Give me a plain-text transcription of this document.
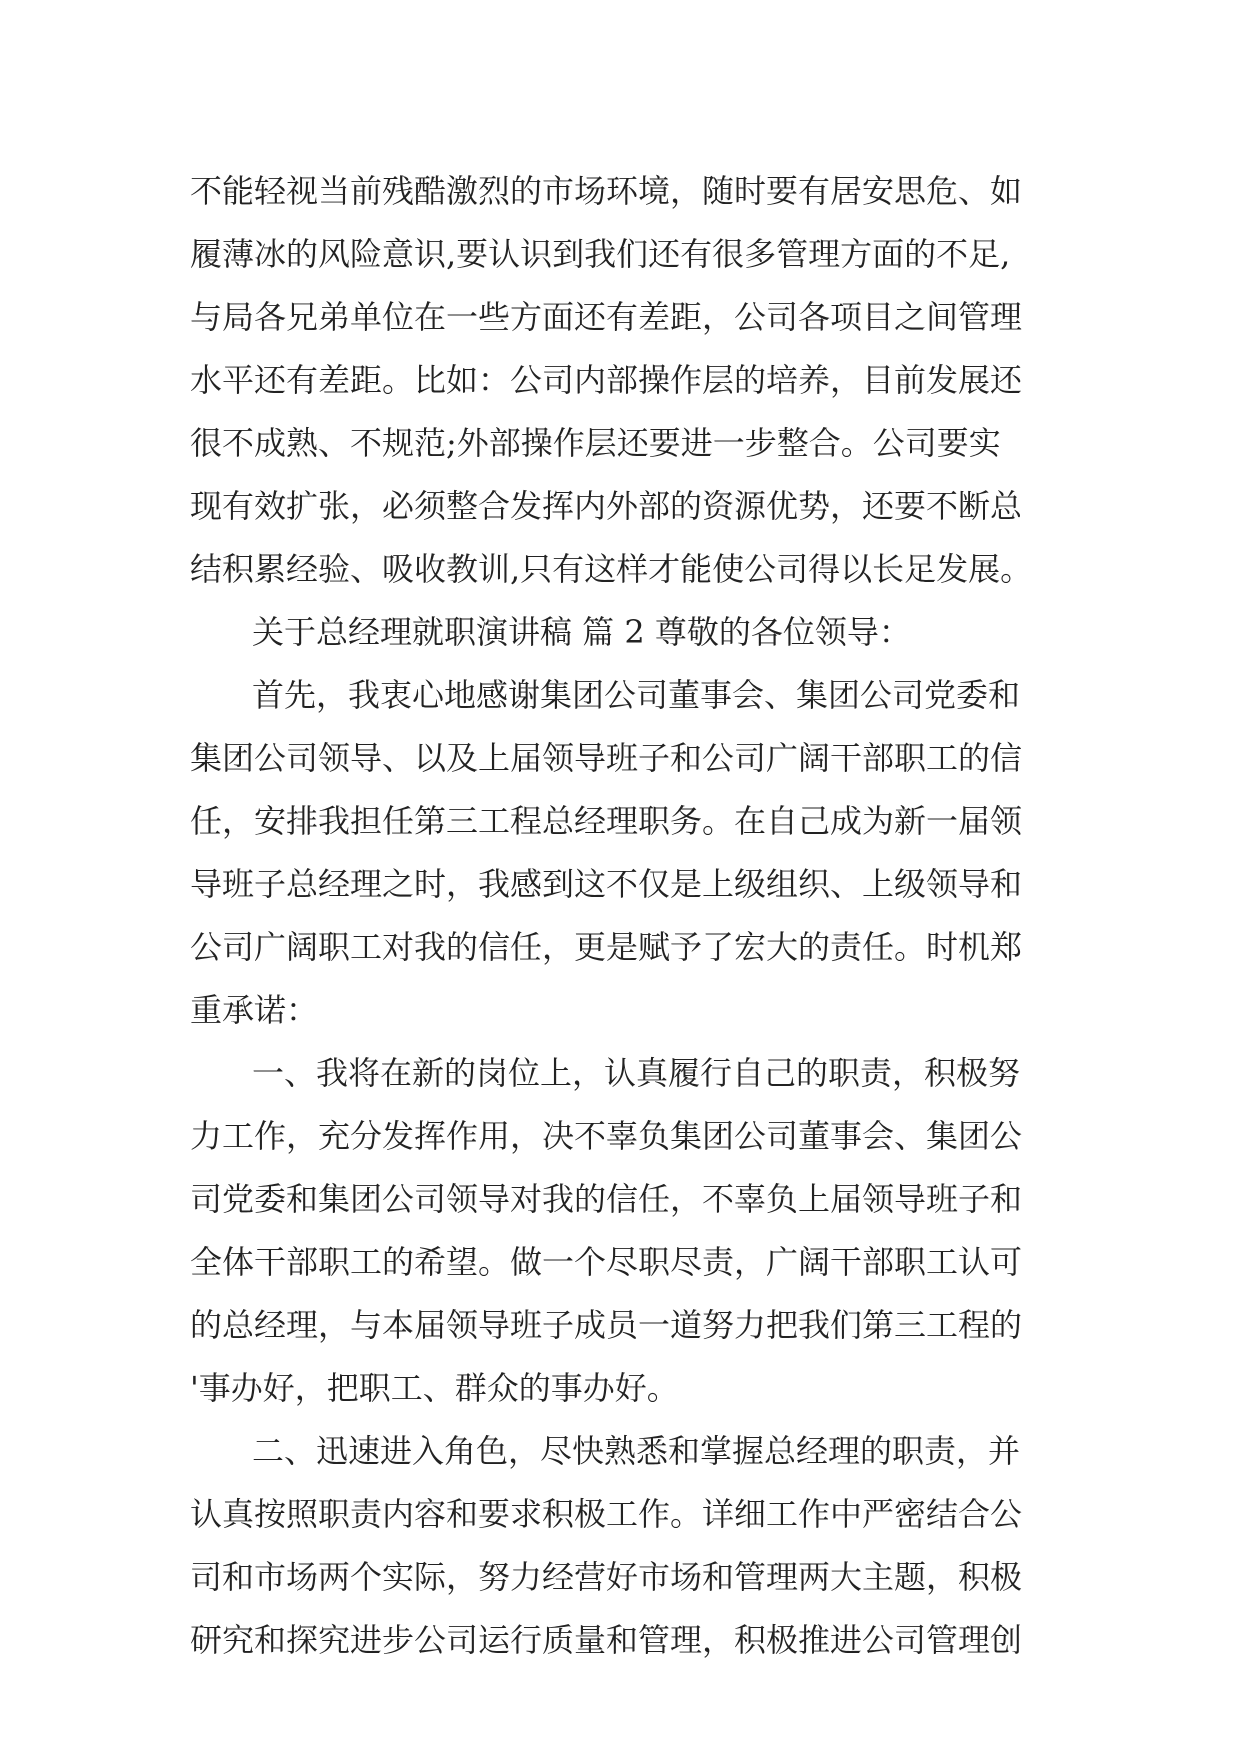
不能轻视当前残酷激烈的市场环境，随时要有居安思危、如
履薄冰的风险意识,要认识到我们还有很多管理方面的不足,
与局各兄弟单位在一些方面还有差距，公司各项目之间管理
水平还有差距。比如：公司内部操作层的培养，目前发展还
很不成熟、不规范;外部操作层还要进一步整合。公司要实
现有效扩张，必须整合发挥内外部的资源优势，还要不断总
结积累经验、吸收教训,只有这样才能使公司得以长足发展。
关于总经理就职演讲稿 篇 2 尊敬的各位领导：
首先，我衷心地感谢集团公司董事会、集团公司党委和
集团公司领导、以及上届领导班子和公司广阔干部职工的信
任，安排我担任第三工程总经理职务。在自己成为新一届领
导班子总经理之时，我感到这不仅是上级组织、上级领导和
公司广阔职工对我的信任，更是赋予了宏大的责任。时机郑
重承诺：
一、我将在新的岗位上，认真履行自己的职责，积极努
力工作，充分发挥作用，决不辜负集团公司董事会、集团公
司党委和集团公司领导对我的信任，不辜负上届领导班子和
全体干部职工的希望。做一个尽职尽责，广阔干部职工认可
的总经理，与本届领导班子成员一道努力把我们第三工程的
'事办好，把职工、群众的事办好。
二、迅速进入角色，尽快熟悉和掌握总经理的职责，并
认真按照职责内容和要求积极工作。详细工作中严密结合公
司和市场两个实际，努力经营好市场和管理两大主题，积极
研究和探究进步公司运行质量和管理，积极推进公司管理创
